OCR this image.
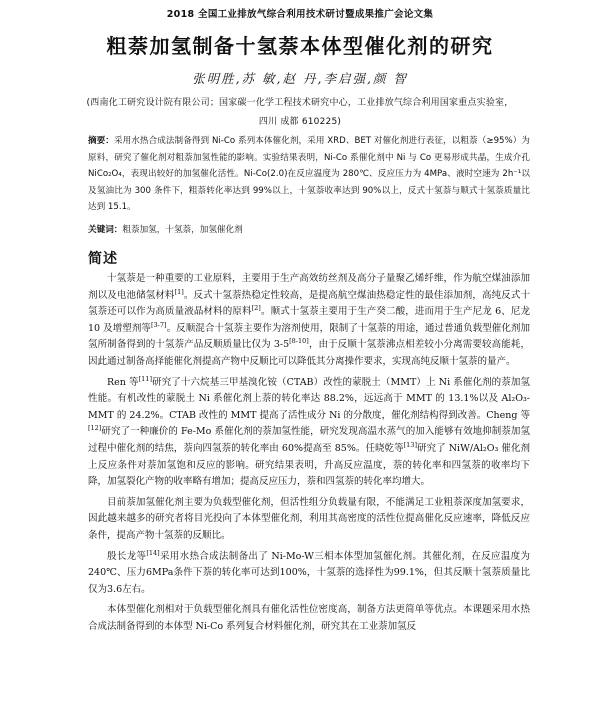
2018 全国工业排放气综合利用技术研讨暨成果推广会论文集
粗萘加氢制备十氢萘本体型催化剂的研究
张明胜,苏 敏,赵 丹,李启强,颜 智
(西南化工研究设计院有限公司；国家碳一化学工程技术研究中心，工业排放气综合利用国家重点实验室，
四川 成都 610225)
摘要：采用水热合成法制备得到 Ni-Co 系列本体催化剂，采用 XRD、BET 对催化剂进行表征，以粗萘（≥95%）为原料，研究了催化剂对粗萘加氢性能的影响。实验结果表明，Ni-Co 系催化剂中 Ni 与 Co 更易形成共晶，生成介孔 NiCo₂O₄，表现出较好的加氢催化活性。Ni-Co(2.0)在反应温度为 280℃、反应压力为 4MPa、液时空速为 2h⁻¹以及氢油比为 300 条件下，粗萘转化率达到 99%以上，十氢萘收率达到 90%以上，反式十氢萘与顺式十氢萘质量比达到 15.1。
关键词：粗萘加氢，十氢萘，加氢催化剂
简述

十氢萘是一种重要的工业原料，主要用于生产高效纺丝剂及高分子量聚乙烯纤维，作为航空煤油添加剂以及电池储氢材料[1]。反式十氢萘热稳定性较高，是提高航空煤油热稳定性的最佳添加剂，高纯反式十氢萘还可以作为高质量液晶材料的原料[2]。顺式十氢萘主要用于生产癸二酸，进而用于生产尼龙 6、尼龙 10 及增塑剂等[3-7]。反顺混合十氢萘主要作为溶剂使用，限制了十氢萘的用途，通过普通负载型催化剂加氢所制备得到的十氢萘产品反顺质量比仅为 3-5[8-10]，由于反顺十氢萘沸点相差较小分离需要较高能耗，因此通过制备高择能催化剂提高产物中反顺比可以降低其分离操作要求，实现高纯反顺十氢萘的量产。

Ren 等[11]研究了十六烷基三甲基溴化铵（CTAB）改性的蒙脱土（MMT）上 Ni 系催化剂的萘加氢性能。有机改性的蒙脱土 Ni 系催化剂上萘的转化率达 88.2%，远远高于 MMT 的 13.1%以及 Al₂O₃-MMT 的 24.2%。CTAB 改性的 MMT 提高了活性成分 Ni 的分散度，催化剂结构得到改善。Cheng 等[12]研究了一种廉价的 Fe-Mo 系催化剂的萘加氢性能，研究发现高温水蒸气的加入能够有效地抑制萘加氢过程中催化剂的结焦，萘向四氢萘的转化率由 60%提高至 85%。任晓乾等[13]研究了 NiW/Al₂O₃ 催化剂上反应条件对萘加氢饱和反应的影响。研究结果表明，升高反应温度，萘的转化率和四氢萘的收率均下降，加氢裂化产物的收率略有增加；提高反应压力，萘和四氢萘的转化率均增大。

目前萘加氢催化剂主要为负载型催化剂，但活性组分负载量有限，不能满足工业粗萘深度加氢要求，因此越来越多的研究者将目光投向了本体型催化剂，利用其高密度的活性位提高催化反应速率，降低反应条件，提高产物十氢萘的反顺比。

殷长龙等[14]采用水热合成法制备出了 Ni-Mo-W三相本体型加氢催化剂。其催化剂，在反应温度为240℃、压力6MPa条件下萘的转化率可达到100%，十氢萘的选择性为99.1%，但其反顺十氢萘质量比仅为3.6左右。

本体型催化剂相对于负载型催化剂具有催化活性位密度高，制备方法更简单等优点。本课题采用水热合成法制备得到的本体型 Ni-Co 系列复合材料催化剂，研究其在工业萘加氢反
